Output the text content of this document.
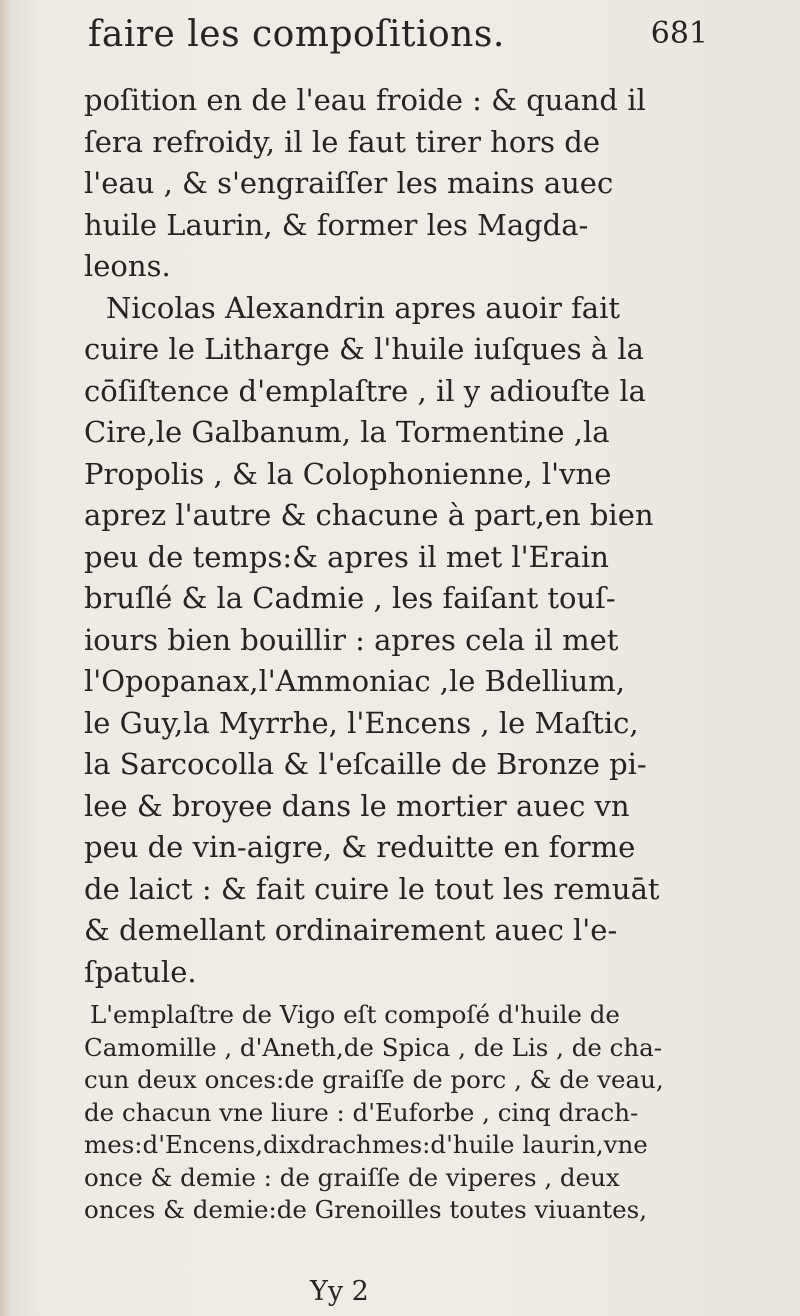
faire les compoſitions.	681
poſition en de l'eau froide : & quand il
ſera refroidy, il le faut tirer hors de
l'eau , & s'engraiſſer les mains auec
huile Laurin, & former les Magda-
leons.
Nicolas Alexandrin apres auoir fait
cuire le Litharge & l'huile iuſques à la
cōſiſtence d'emplaſtre , il y adiouſte la
Cire,le Galbanum, la Tormentine ,la
Propolis , & la Colophonienne, l'vne
aprez l'autre & chacune à part,en bien
peu de temps:& apres il met l'Erain
bruſlé & la Cadmie , les faiſant touſ-
iours bien bouillir : apres cela il met
l'Opopanax,l'Ammoniac ,le Bdellium,
le Guy,la Myrrhe, l'Encens , le Maſtic,
la Sarcocolla & l'eſcaille de Bronze pi-
lee & broyee dans le mortier auec vn
peu de vin-aigre, & reduitte en forme
de laict : & fait cuire le tout les remuāt
& demellant ordinairement auec l'e-
ſpatule.
L'emplaſtre de Vigo eſt compoſé d'huile de
Camomille , d'Aneth,de Spica , de Lis , de cha-
cun deux onces:de graiſſe de porc , & de veau,
de chacun vne liure : d'Euforbe , cinq drach-
mes:d'Encens,dixdrachmes:d'huile laurin,vne
once & demie : de graiſſe de viperes , deux
onces & demie:de Grenoilles toutes viuantes,
Yy 2
